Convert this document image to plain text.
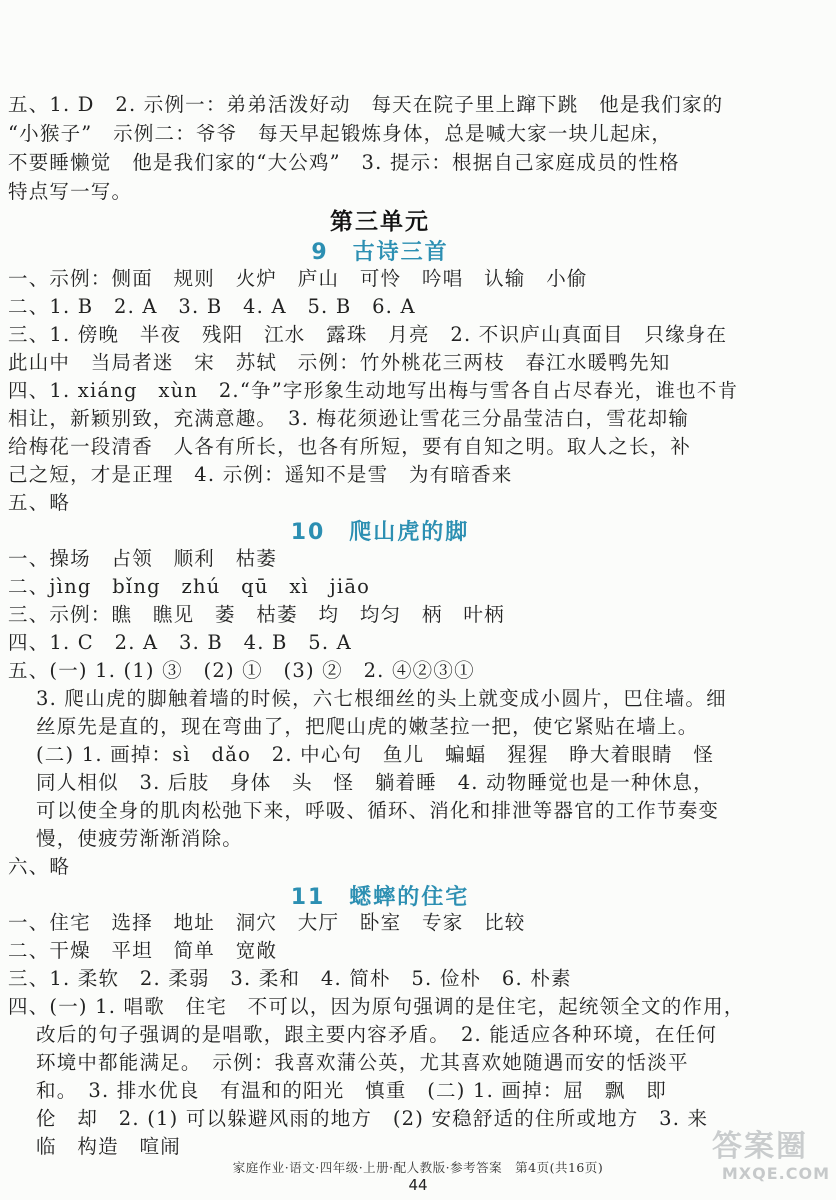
五、1. D　2. 示例一：弟弟活泼好动　每天在院子里上蹿下跳　他是我们家的
“小猴子”　示例二：爷爷　每天早起锻炼身体，总是喊大家一块儿起床，
不要睡懒觉　他是我们家的“大公鸡”　3. 提示：根据自己家庭成员的性格
特点写一写。
第三单元
9　古诗三首
一、示例：侧面　规则　火炉　庐山　可怜　吟唱　认输　小偷
二、1. B　2. A　3. B　4. A　5. B　6. A
三、1. 傍晚　半夜　残阳　江水　露珠　月亮　2. 不识庐山真面目　只缘身在
此山中　当局者迷　宋　苏轼　示例：竹外桃花三两枝　春江水暖鸭先知
四、1. xiáng　xùn　2.“争”字形象生动地写出梅与雪各自占尽春光，谁也不肯
相让，新颖别致，充满意趣。　3. 梅花须逊让雪花三分晶莹洁白，雪花却输
给梅花一段清香　人各有所长，也各有所短，要有自知之明。取人之长，补
己之短，才是正理　4. 示例：遥知不是雪　为有暗香来
五、略
10　爬山虎的脚
一、操场　占领　顺利　枯萎
二、jìng　bǐng　zhú　qū　xì　jiāo
三、示例：瞧　瞧见　萎　枯萎　均　均匀　柄　叶柄
四、1. C　2. A　3. B　4. B　5. A
五、(一) 1. (1) ③　(2) ①　(3) ②　2. ④②③①
3. 爬山虎的脚触着墙的时候，六七根细丝的头上就变成小圆片，巴住墙。细
丝原先是直的，现在弯曲了，把爬山虎的嫩茎拉一把，使它紧贴在墙上。
(二) 1. 画掉：sì　dǎo　2. 中心句　鱼儿　蝙蝠　猩猩　睁大着眼睛　怪
同人相似　3. 后肢　身体　头　怪　躺着睡　4. 动物睡觉也是一种休息，
可以使全身的肌肉松弛下来，呼吸、循环、消化和排泄等器官的工作节奏变
慢，使疲劳渐渐消除。
六、略
11　蟋蟀的住宅
一、住宅　选择　地址　洞穴　大厅　卧室　专家　比较
二、干燥　平坦　简单　宽敞
三、1. 柔软　2. 柔弱　3. 柔和　4. 简朴　5. 俭朴　6. 朴素
四、(一) 1. 唱歌　住宅　不可以，因为原句强调的是住宅，起统领全文的作用，
改后的句子强调的是唱歌，跟主要内容矛盾。　2. 能适应各种环境，在任何
环境中都能满足。　示例：我喜欢蒲公英，尤其喜欢她随遇而安的恬淡平
和。　3. 排水优良　有温和的阳光　慎重　(二) 1. 画掉：屈　飘　即
伦　却　2. (1) 可以躲避风雨的地方　(2) 安稳舒适的住所或地方　3. 来
临　构造　喧闹
家庭作业·语文·四年级·上册·配人教版·参考答案　第4页(共16页)
44
答案圈
MXQE.COM
